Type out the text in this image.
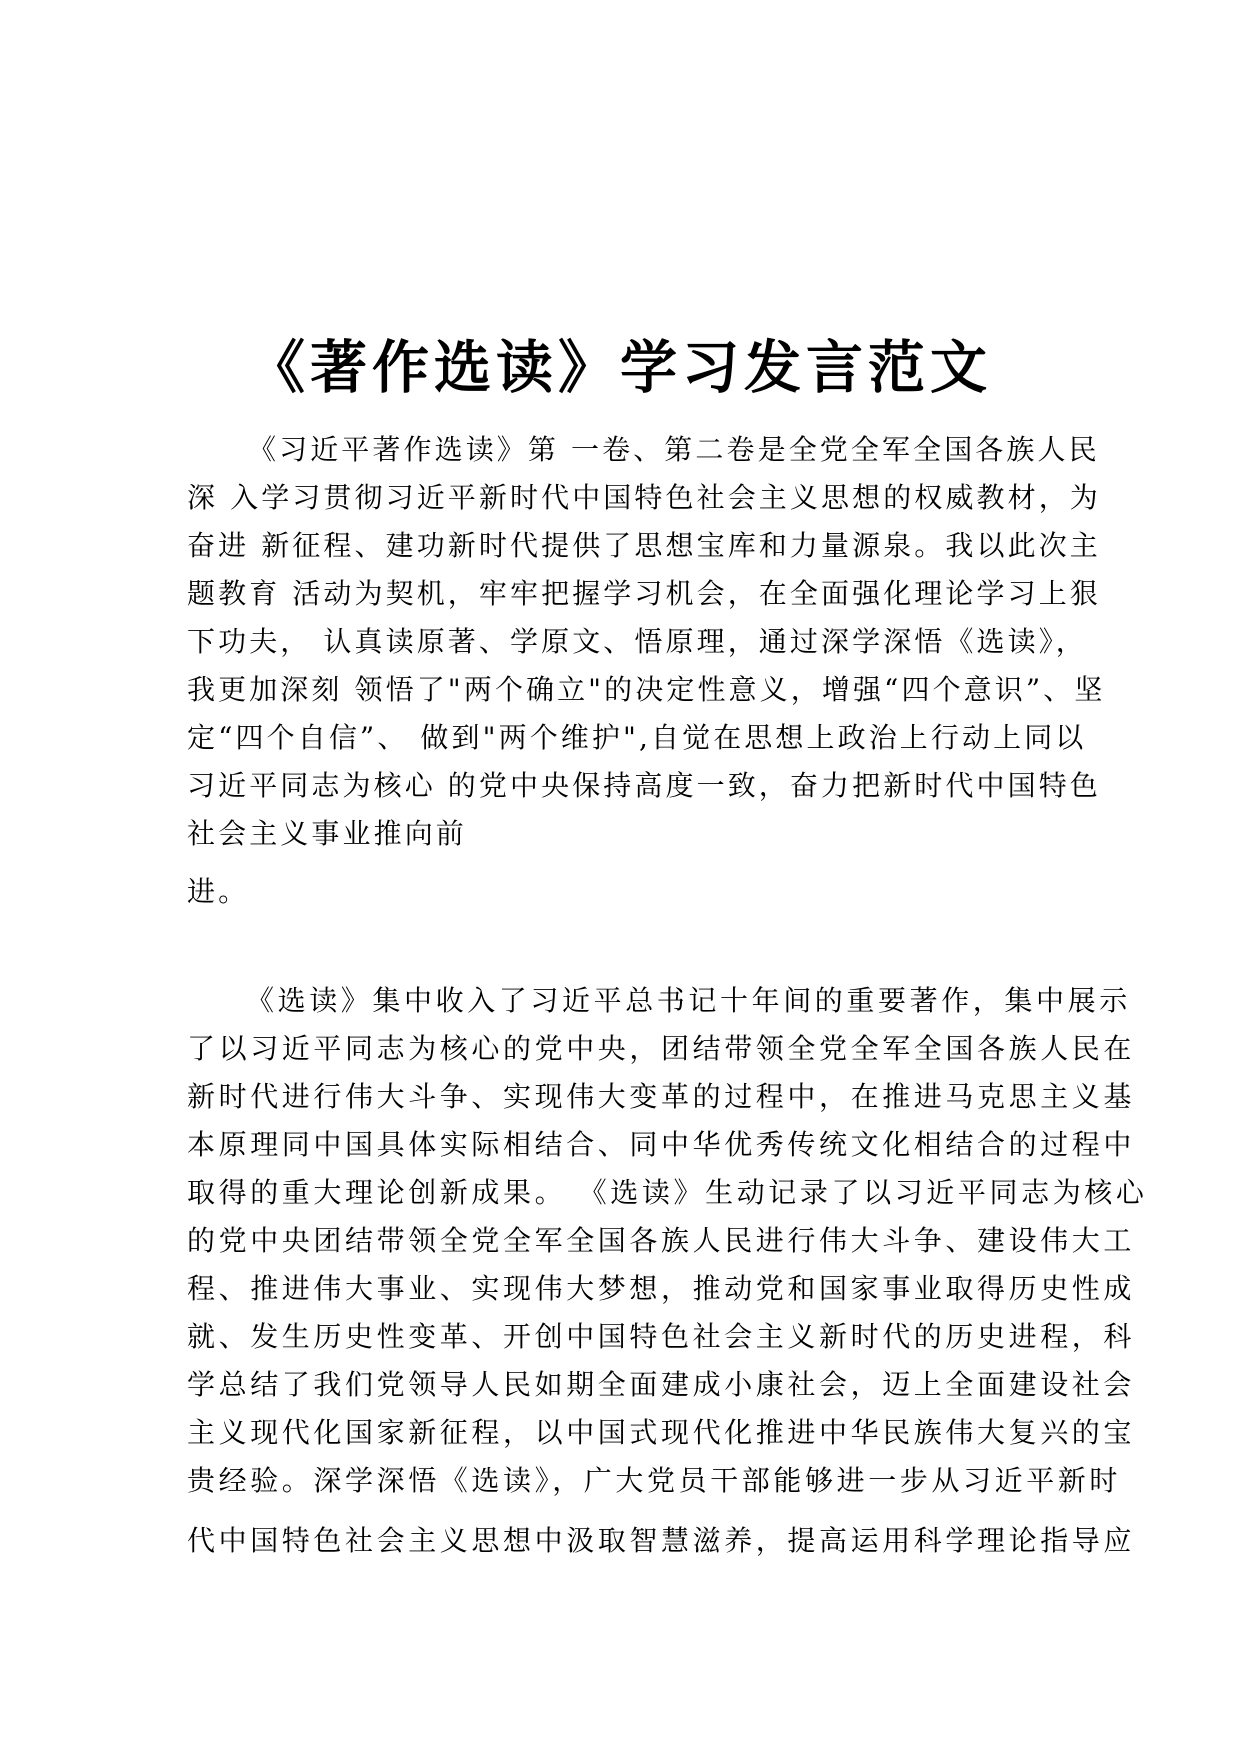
《著作选读》学习发言范文

《习近平著作选读》第 一卷、第二卷是全党全军全国各族人民

深 入学习贯彻习近平新时代中国特色社会主义思想的权威教材，为

奋进 新征程、建功新时代提供了思想宝库和力量源泉。我以此次主

题教育 活动为契机，牢牢把握学习机会，在全面强化理论学习上狠

下功夫， 认真读原著、学原文、悟原理，通过深学深悟《选读》，

我更加深刻 领悟了"两个确立"的决定性意义，增强“四个意识”、坚

定“四个自信”、 做到"两个维护",自觉在思想上政治上行动上同以

习近平同志为核心 的党中央保持高度一致，奋力把新时代中国特色

社会主义事业推向前

进。

《选读》集中收入了习近平总书记十年间的重要著作，集中展示

了以习近平同志为核心的党中央，团结带领全党全军全国各族人民在

新时代进行伟大斗争、实现伟大变革的过程中，在推进马克思主义基

本原理同中国具体实际相结合、同中华优秀传统文化相结合的过程中

取得的重大理论创新成果。 《选读》生动记录了以习近平同志为核心

的党中央团结带领全党全军全国各族人民进行伟大斗争、建设伟大工

程、推进伟大事业、实现伟大梦想，推动党和国家事业取得历史性成

就、发生历史性变革、开创中国特色社会主义新时代的历史进程，科

学总结了我们党领导人民如期全面建成小康社会，迈上全面建设社会

主义现代化国家新征程，以中国式现代化推进中华民族伟大复兴的宝

贵经验。深学深悟《选读》，广大党员干部能够进一步从习近平新时

代中国特色社会主义思想中汲取智慧滋养，提高运用科学理论指导应
